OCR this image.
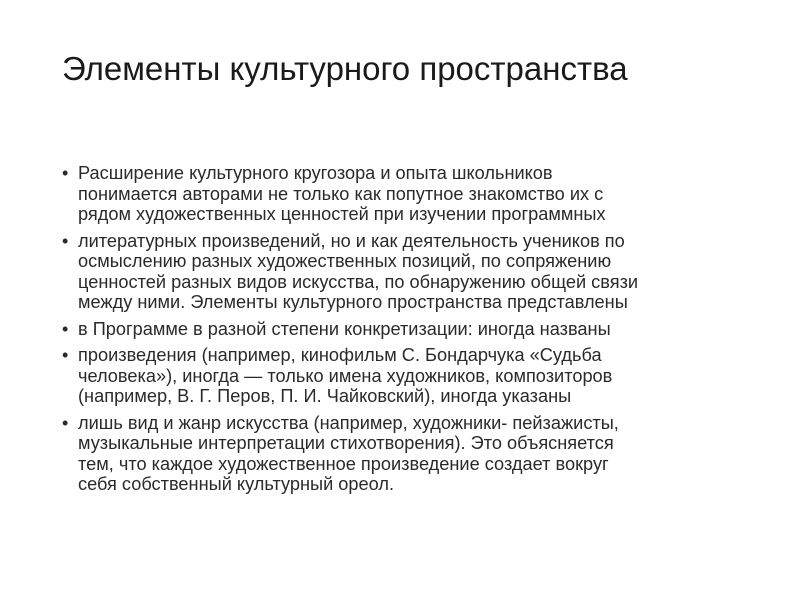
Элементы культурного пространства
• Расширение культурного кругозора и опыта школьников
понимается авторами не только как попутное знакомство их с
рядом художественных ценностей при изучении программных
• литературных произведений, но и как деятельность учеников по
осмыслению разных художественных позиций, по сопряжению
ценностей разных видов искусства, по обнаружению общей связи
между ними. Элементы культурного пространства представлены
• в Программе в разной степени конкретизации: иногда названы
• произведения (например, кинофильм С. Бондарчука «Судьба
человека»), иногда — только имена художников, композиторов
(например, В. Г. Перов, П. И. Чайковский), иногда указаны
• лишь вид и жанр искусства (например, художники- пейзажисты,
музыкальные интерпретации стихотворения). Это объясняется
тем, что каждое художественное произведение создает вокруг
себя собственный культурный ореол.
